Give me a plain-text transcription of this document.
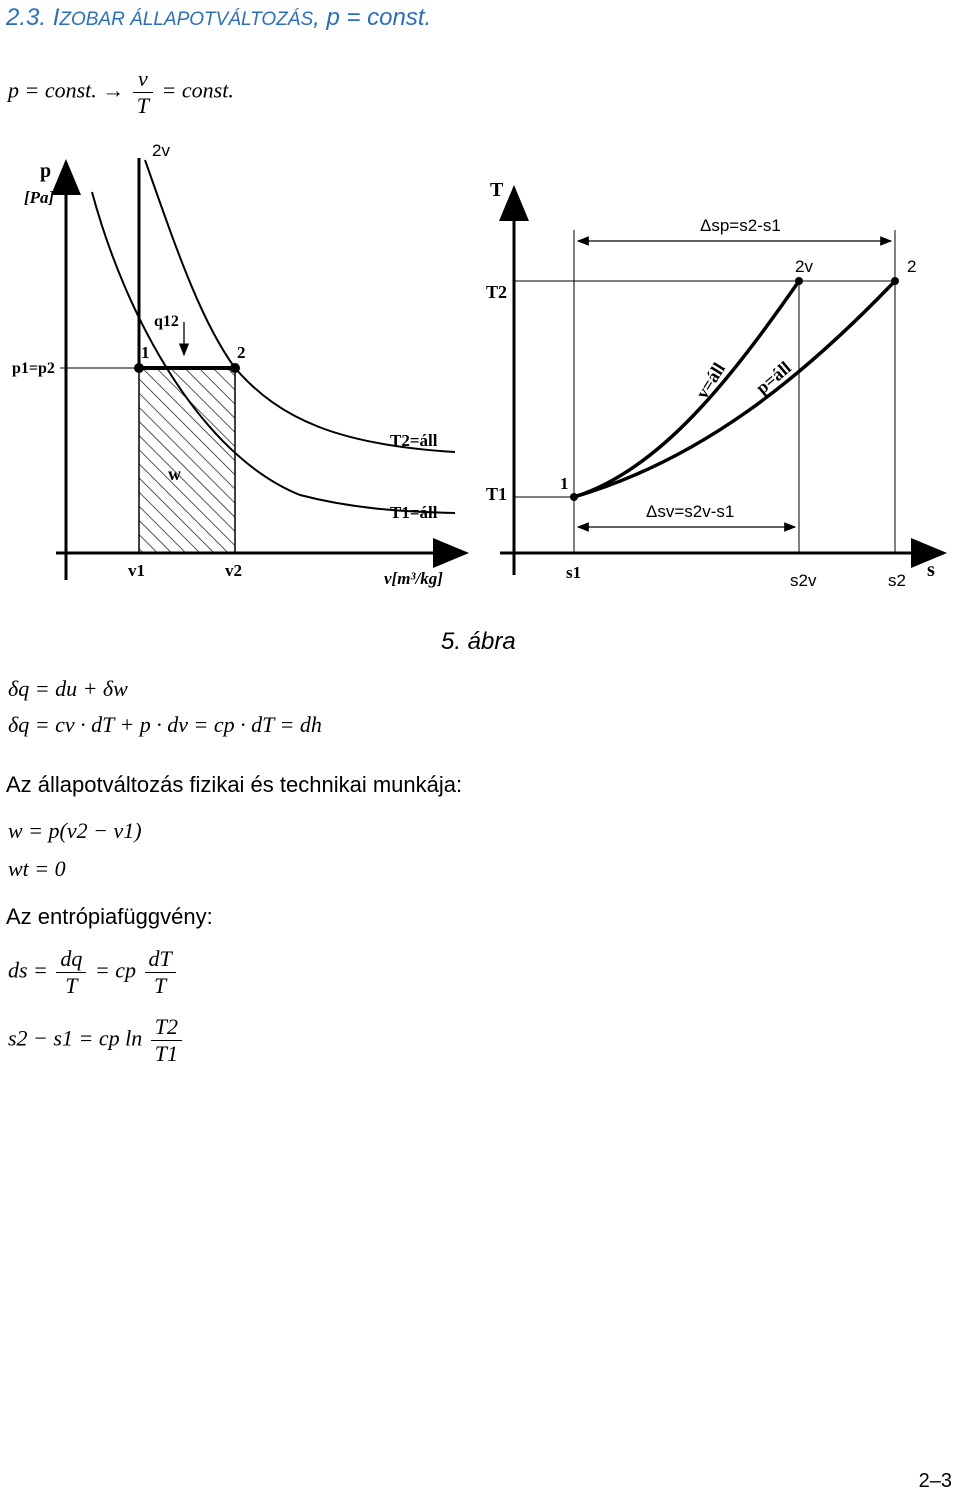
2.3. IZOBAR ÁLLAPOTVÁLTOZÁS, p = const.
p = const. → $\frac{v}{T}$ = const.
p
[Pa]
2v
q12
p1=p2
1	2
w
T2=áll
T1=áll
v1	v2	v[m³/kg]
T
s
Δsp=s2-s1
2v	2
T2
T1
1
v=áll p=áll
Δsv=s2v-s1
s1	s2v	s2
5. ábra
δq = du + δw
δq = cv · dT + p · dv = cp · dT = dh
Az állapotváltozás fizikai és technikai munkája:
w = p(v2 − v1)
wt = 0
Az entrópiafüggvény:
ds = $\frac{dq}{T}$ = cp $\frac{dT}{T}$
s2 − s1 = cp $\ln \frac{T2}{T1}$
2–3
